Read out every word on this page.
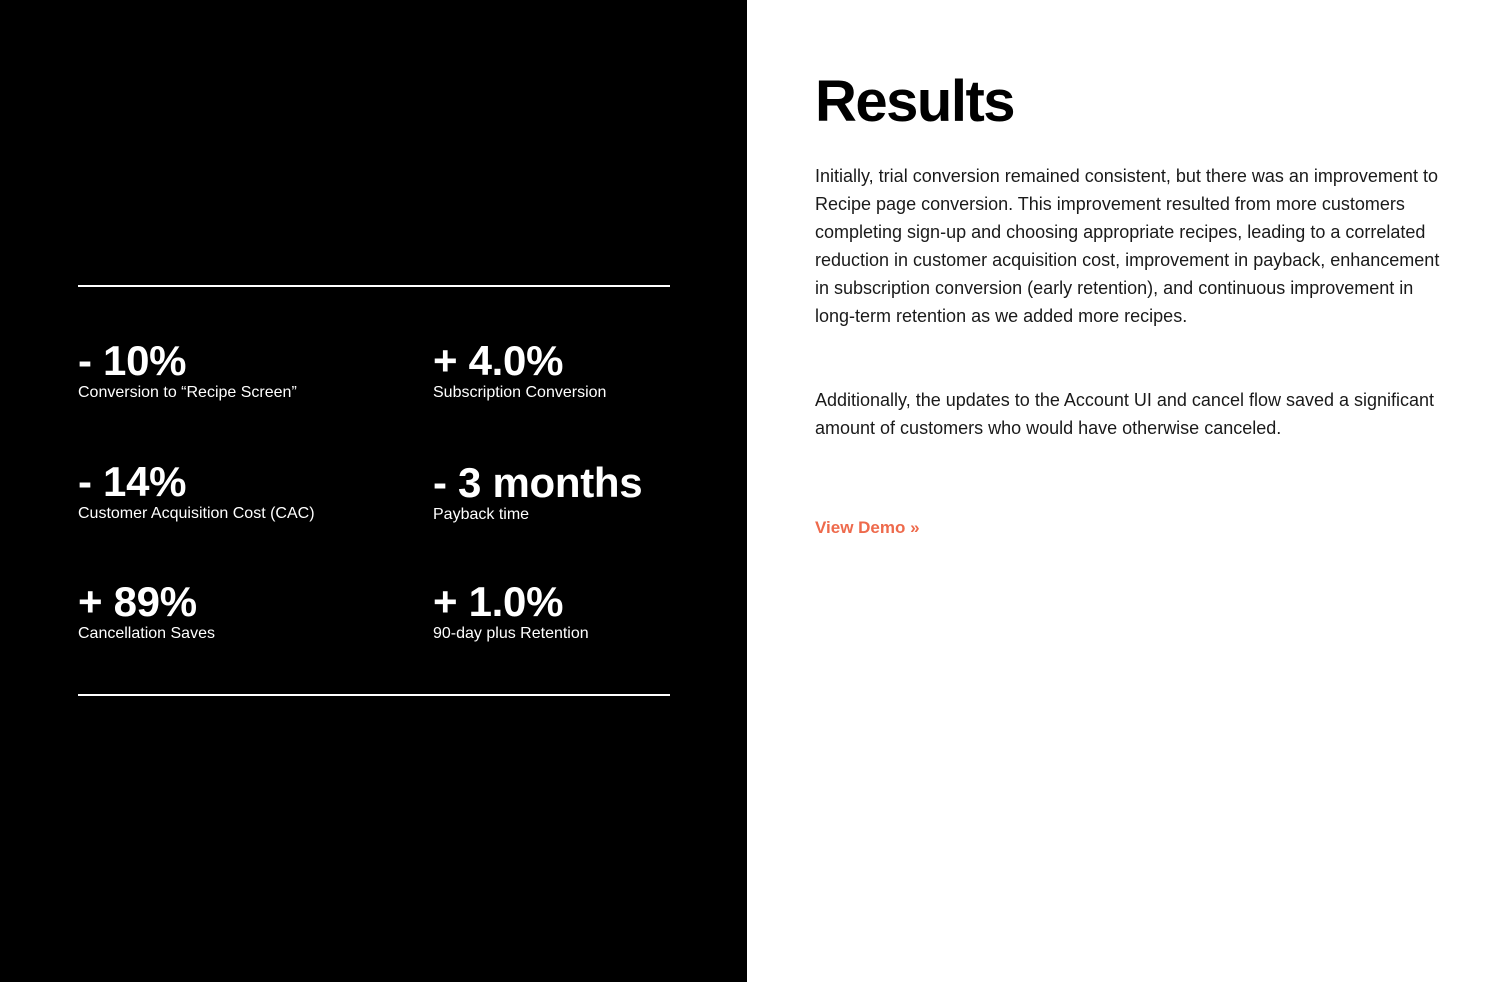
- 10%
Conversion to “Recipe Screen”
+ 4.0%
Subscription Conversion
- 14%
Customer Acquisition Cost (CAC)
- 3 months
Payback time
+ 89%
Cancellation Saves
+ 1.0%
90-day plus Retention
Results

Initially, trial conversion remained consistent, but there was an improvement to Recipe page conversion. This improvement resulted from more customers completing sign-up and choosing appropriate recipes, leading to a correlated reduction in customer acquisition cost, improvement in payback, enhancement in subscription conversion (early retention), and continuous improvement in long-term retention as we added more recipes.

Additionally, the updates to the Account UI and cancel flow saved a significant amount of customers who would have otherwise canceled.

View Demo »
